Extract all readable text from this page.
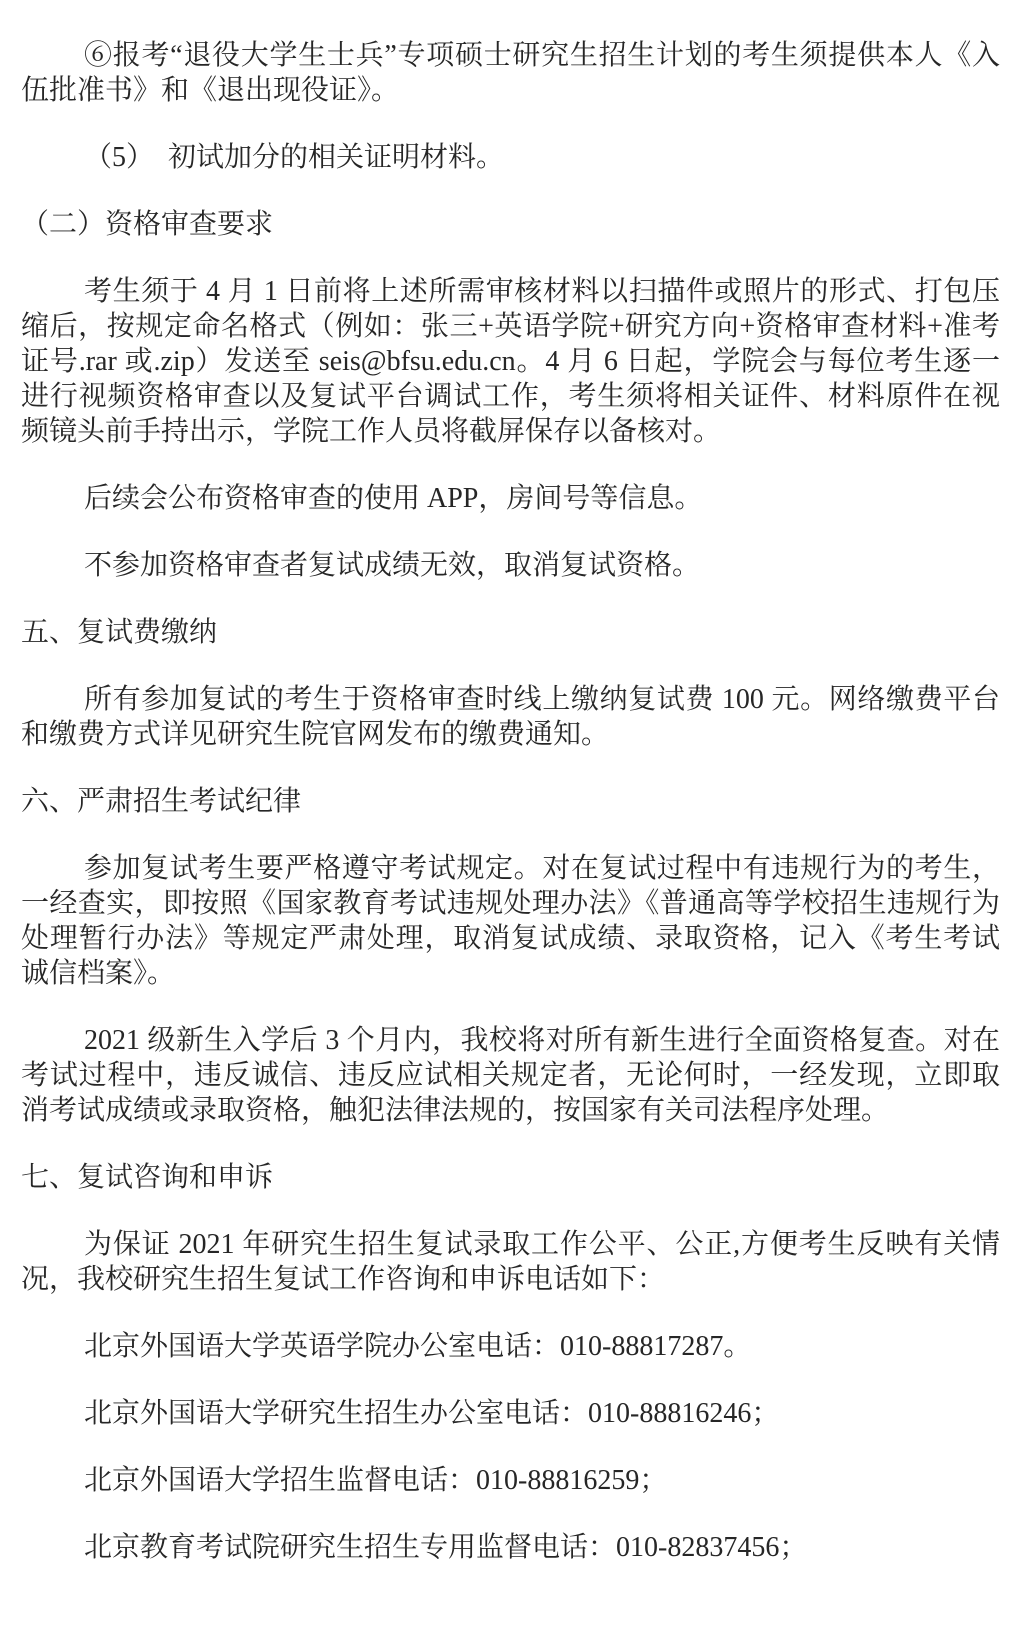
⑥报考“退役大学生士兵”专项硕士研究生招生计划的考生须提供本人《入伍批准书》和《退出现役证》。

（5）　初试加分的相关证明材料。

（二）资格审查要求

考生须于 4 月 1 日前将上述所需审核材料以扫描件或照片的形式、打包压缩后，按规定命名格式（例如：张三+英语学院+研究方向+资格审查材料+准考证号.rar 或.zip）发送至 seis@bfsu.edu.cn。4 月 6 日起，学院会与每位考生逐一进行视频资格审查以及复试平台调试工作，考生须将相关证件、材料原件在视频镜头前手持出示，学院工作人员将截屏保存以备核对。

后续会公布资格审查的使用 APP，房间号等信息。

不参加资格审查者复试成绩无效，取消复试资格。

五、复试费缴纳

所有参加复试的考生于资格审查时线上缴纳复试费 100 元。网络缴费平台和缴费方式详见研究生院官网发布的缴费通知。

六、严肃招生考试纪律

参加复试考生要严格遵守考试规定。对在复试过程中有违规行为的考生，一经查实，即按照《国家教育考试违规处理办法》《普通高等学校招生违规行为处理暂行办法》等规定严肃处理，取消复试成绩、录取资格，记入《考生考试诚信档案》。

2021 级新生入学后 3 个月内，我校将对所有新生进行全面资格复查。对在考试过程中，违反诚信、违反应试相关规定者，无论何时，一经发现，立即取消考试成绩或录取资格，触犯法律法规的，按国家有关司法程序处理。

七、复试咨询和申诉

为保证 2021 年研究生招生复试录取工作公平、公正,方便考生反映有关情况，我校研究生招生复试工作咨询和申诉电话如下：

北京外国语大学英语学院办公室电话：010-88817287。

北京外国语大学研究生招生办公室电话：010-88816246；

北京外国语大学招生监督电话：010-88816259；

北京教育考试院研究生招生专用监督电话：010-82837456；
